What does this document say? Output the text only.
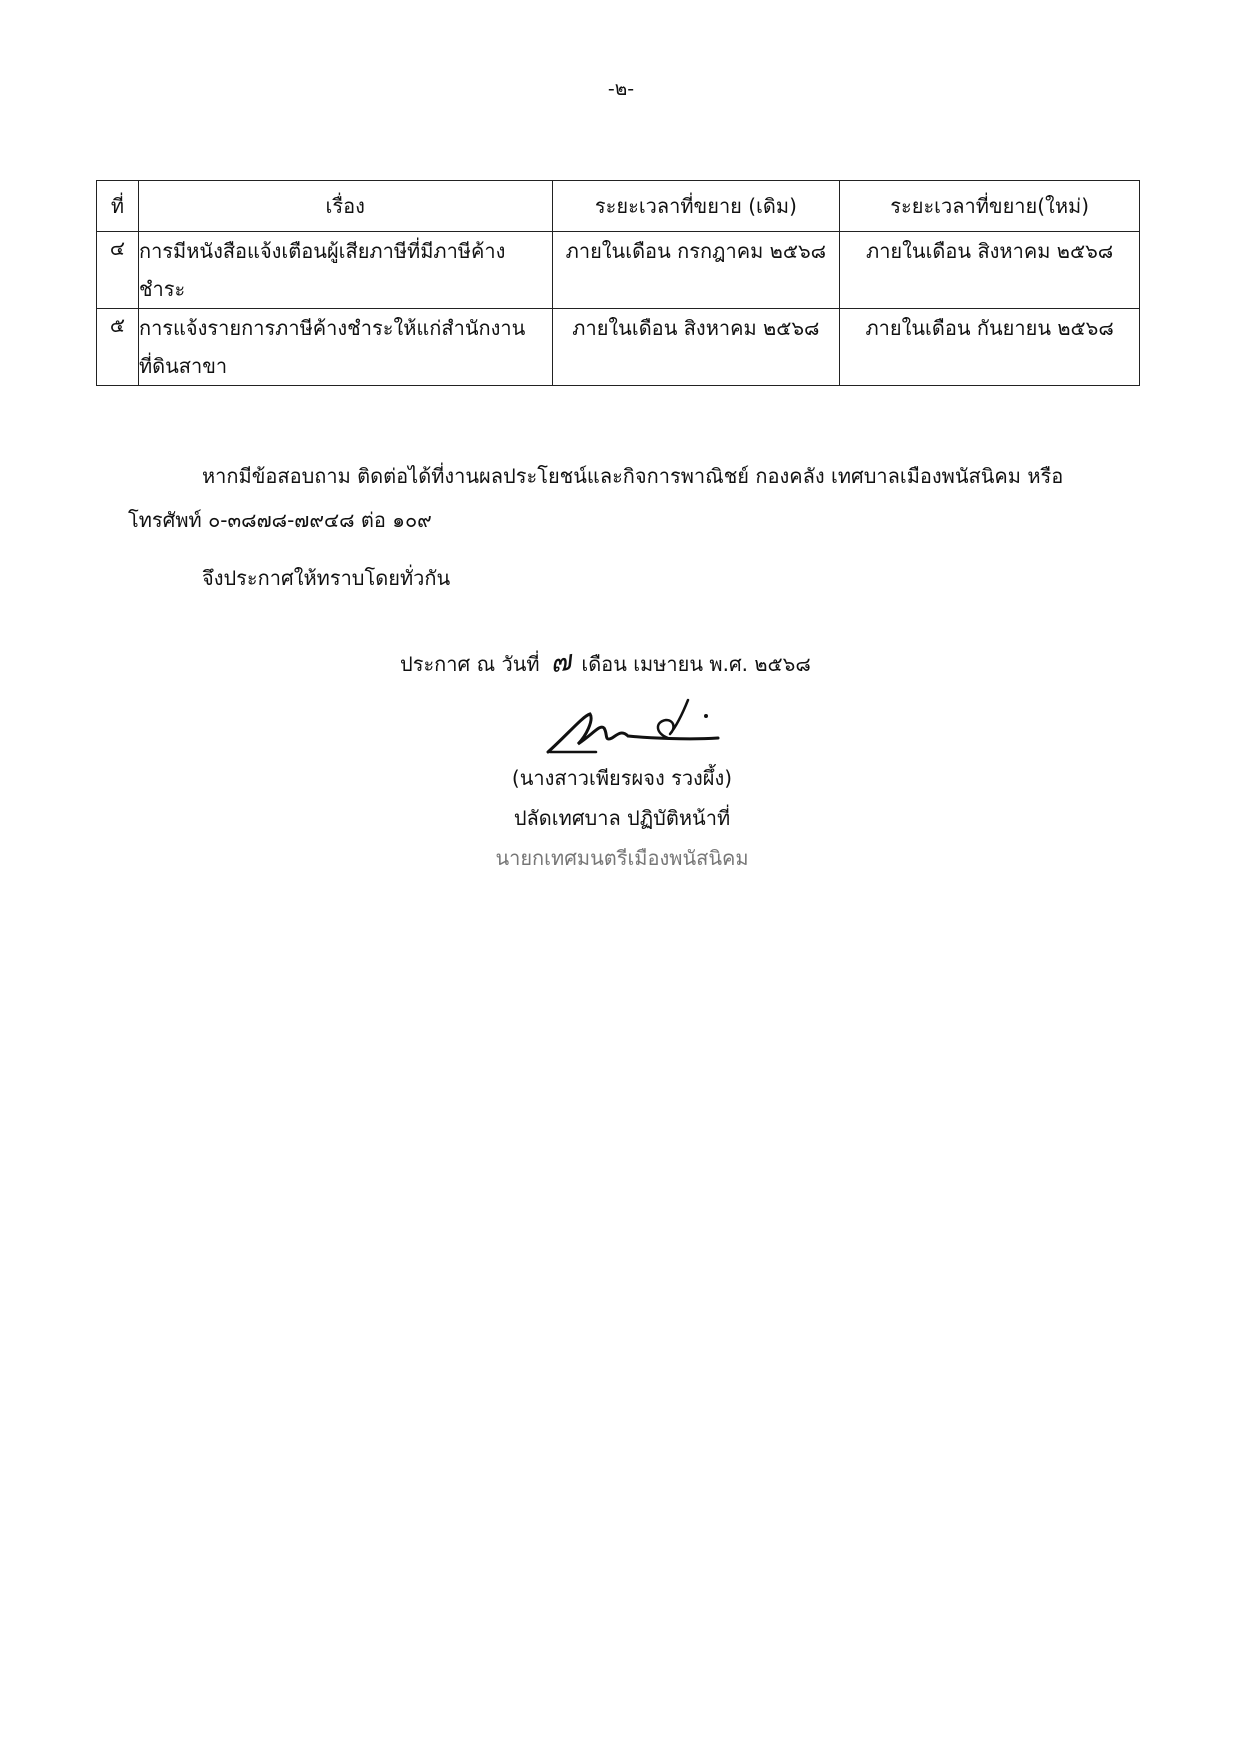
-๒-
ที่	เรื่อง	ระยะเวลาที่ขยาย (เดิม)	ระยะเวลาที่ขยาย(ใหม่)
๔	การมีหนังสือแจ้งเตือนผู้เสียภาษีที่มีภาษีค้างชำระ	ภายในเดือน กรกฎาคม ๒๕๖๘	ภายในเดือน สิงหาคม ๒๕๖๘
๕	การแจ้งรายการภาษีค้างชำระให้แก่สำนักงานที่ดินสาขา	ภายในเดือน สิงหาคม ๒๕๖๘	ภายในเดือน กันยายน ๒๕๖๘
หากมีข้อสอบถาม ติดต่อได้ที่งานผลประโยชน์และกิจการพาณิชย์ กองคลัง เทศบาลเมืองพนัสนิคม หรือ โทรศัพท์ ๐-๓๘๗๘-๗๙๔๘ ต่อ ๑๐๙
จึงประกาศให้ทราบโดยทั่วกัน
ประกาศ ณ วันที่ ๗ เดือน เมษายน พ.ศ. ๒๕๖๘
(นางสาวเพียรผจง รวงผึ้ง)
ปลัดเทศบาล ปฏิบัติหน้าที่
นายกเทศมนตรีเมืองพนัสนิคม
